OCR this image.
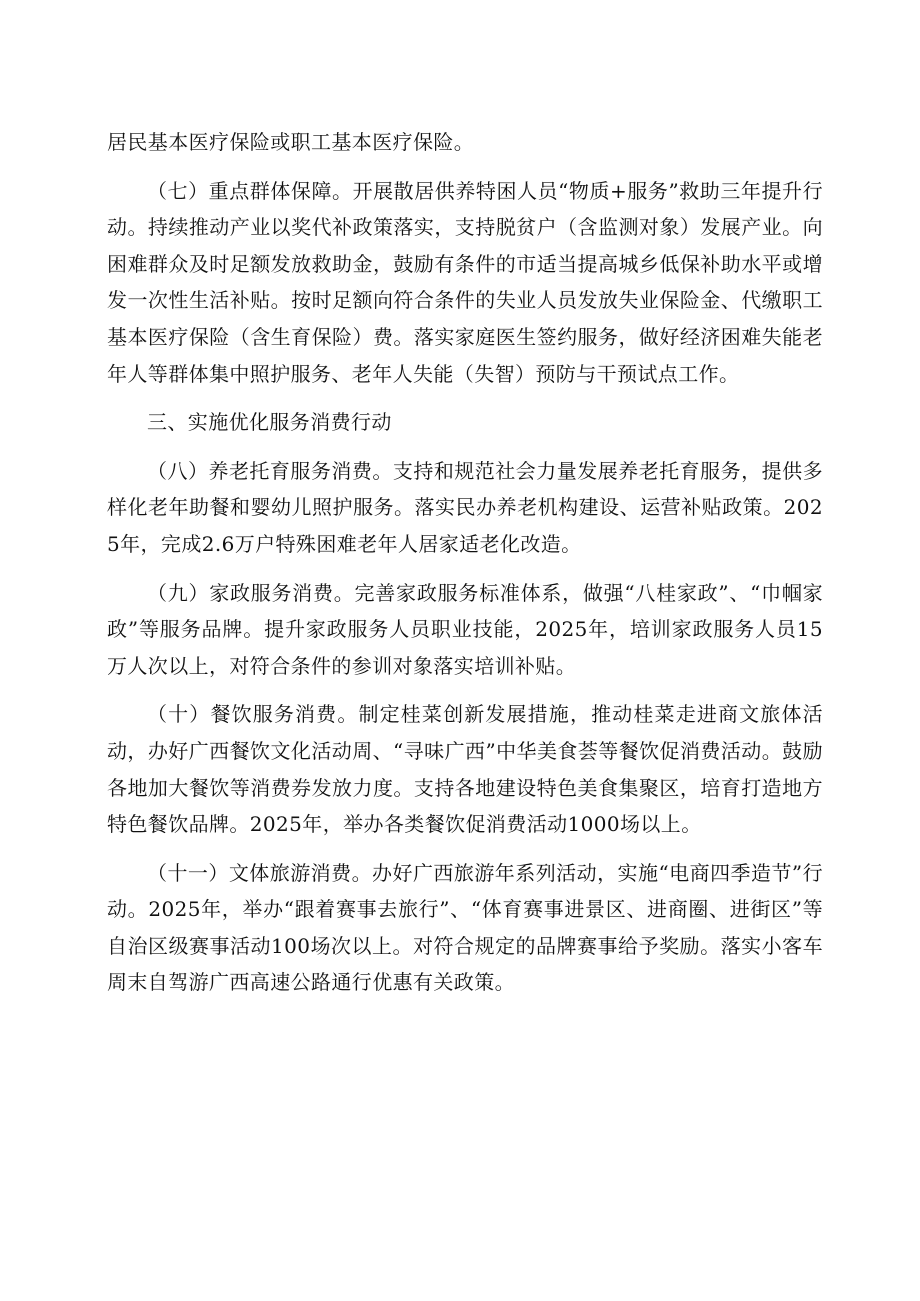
居民基本医疗保险或职工基本医疗保险。

（七）重点群体保障。开展散居供养特困人员“物质+服务”救助三年提升行动。持续推动产业以奖代补政策落实，支持脱贫户（含监测对象）发展产业。向困难群众及时足额发放救助金，鼓励有条件的市适当提高城乡低保补助水平或增发一次性生活补贴。按时足额向符合条件的失业人员发放失业保险金、代缴职工基本医疗保险（含生育保险）费。落实家庭医生签约服务，做好经济困难失能老年人等群体集中照护服务、老年人失能（失智）预防与干预试点工作。

三、实施优化服务消费行动

（八）养老托育服务消费。支持和规范社会力量发展养老托育服务，提供多样化老年助餐和婴幼儿照护服务。落实民办养老机构建设、运营补贴政策。2025年，完成2.6万户特殊困难老年人居家适老化改造。

（九）家政服务消费。完善家政服务标准体系，做强“八桂家政”、“巾帼家政”等服务品牌。提升家政服务人员职业技能，2025年，培训家政服务人员15万人次以上，对符合条件的参训对象落实培训补贴。

（十）餐饮服务消费。制定桂菜创新发展措施，推动桂菜走进商文旅体活动，办好广西餐饮文化活动周、“寻味广西”中华美食荟等餐饮促消费活动。鼓励各地加大餐饮等消费券发放力度。支持各地建设特色美食集聚区，培育打造地方特色餐饮品牌。2025年，举办各类餐饮促消费活动1000场以上。

（十一）文体旅游消费。办好广西旅游年系列活动，实施“电商四季造节”行动。2025年，举办“跟着赛事去旅行”、“体育赛事进景区、进商圈、进街区”等自治区级赛事活动100场次以上。对符合规定的品牌赛事给予奖励。落实小客车周末自驾游广西高速公路通行优惠有关政策。
